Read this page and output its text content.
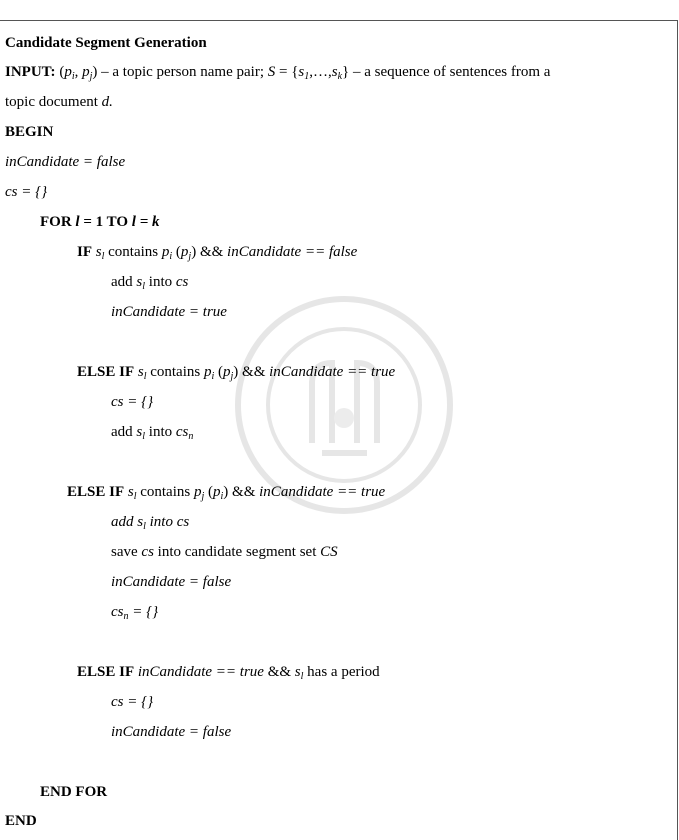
Candidate Segment Generation
INPUT: ($p_i$, $p_j$) – a topic person name pair; $S = \{s_1,\dots,s_k\} - a$ sequence of sentences from a
topic document d.
BEGIN
inCandidate = false
cs = {}
FOR l = 1 TO l = k
IF $s_l$ contains $p_i$ $(p_j)$ && inCandidate == false
add $s_l$ into cs
inCandidate = true
ELSE IF $s_l$ contains $p_i$ $(p_j)$ && inCandidate == true
cs = {}
add $s_l$ into $cs_n$
ELSE IF $s_l$ contains $p_j$ $(p_i)$ && inCandidate == true
add $s_l$ into cs
save cs into candidate segment set CS
inCandidate = false
$cs_n$ = {}
ELSE IF inCandidate == true && $s_l$ has a period
cs = {}
inCandidate = false
END FOR
END
